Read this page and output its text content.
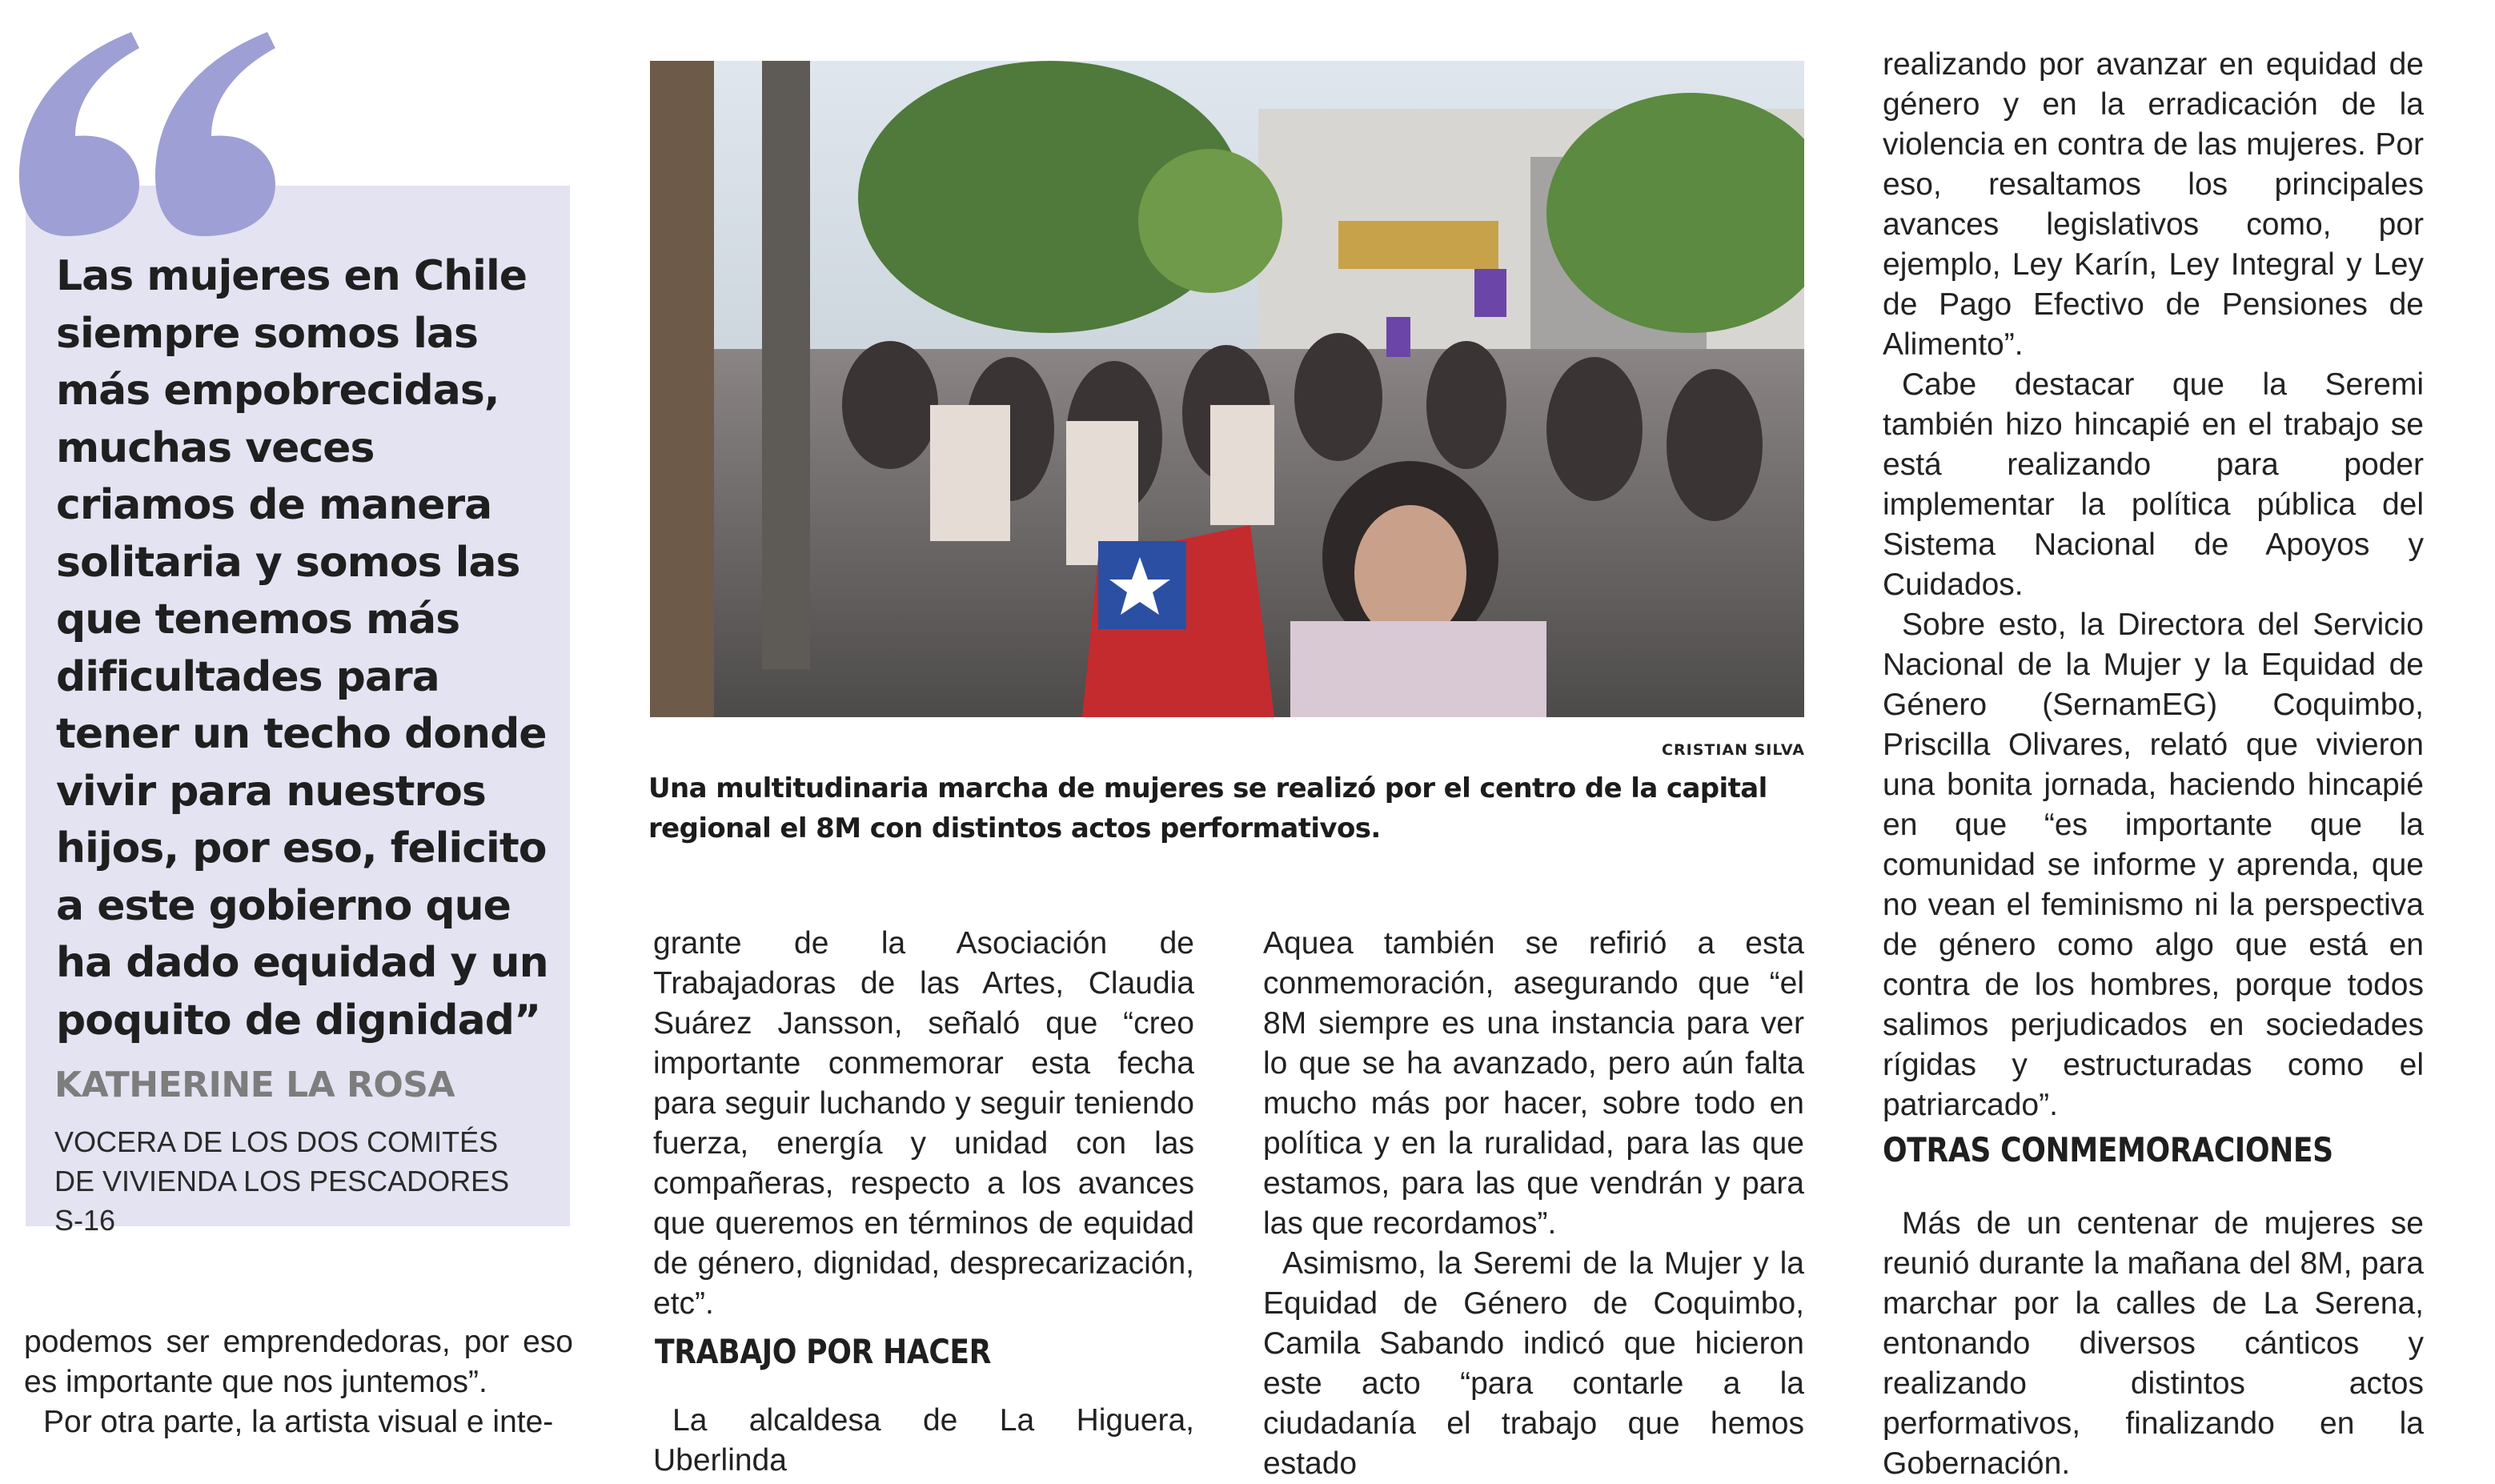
Las mujeres en Chile siempre somos las más empobrecidas, muchas veces criamos de manera solitaria y somos las que tenemos más dificultades para tener un techo donde vivir para nuestros hijos, por eso, felicito a este gobierno que ha dado equidad y un poquito de dignidad”

KATHERINE LA ROSA

VOCERA DE LOS DOS COMITÉS DE VIVIENDA LOS PESCADORES S-16

CRISTIAN SILVA

Una multitudinaria marcha de mujeres se realizó por el centro de la capital regional el 8M con distintos actos performativos.

podemos ser emprendedoras, por eso es importante que nos juntemos”.

Por otra parte, la artista visual e inte-

grante de la Asociación de Trabajadoras de las Artes, Claudia Suárez Jansson, señaló que “creo importante conmemorar esta fecha para seguir luchando y seguir teniendo fuerza, energía y unidad con las compañeras, respecto a los avances que queremos en términos de equidad de género, dignidad, desprecarización, etc”.

TRABAJO POR HACER

La alcaldesa de La Higuera, Uberlinda

Aquea también se refirió a esta conmemoración, asegurando que “el 8M siempre es una instancia para ver lo que se ha avanzado, pero aún falta mucho más por hacer, sobre todo en política y en la ruralidad, para las que estamos, para las que vendrán y para las que recordamos”.

Asimismo, la Seremi de la Mujer y la Equidad de Género de Coquimbo, Camila Sabando indicó que hicieron este acto “para contarle a la ciudadanía el trabajo que hemos estado

realizando por avanzar en equidad de género y en la erradicación de la violencia en contra de las mujeres. Por eso, resaltamos los principales avances legislativos como, por ejemplo, Ley Karín, Ley Integral y Ley de Pago Efectivo de Pensiones de Alimento”.

Cabe destacar que la Seremi también hizo hincapié en el trabajo se está realizando para poder implementar la política pública del Sistema Nacional de Apoyos y Cuidados.

Sobre esto, la Directora del Servicio Nacional de la Mujer y la Equidad de Género (SernamEG) Coquimbo, Priscilla Olivares, relató que vivieron una bonita jornada, haciendo hincapié en que “es importante que la comunidad se informe y aprenda, que no vean el feminismo ni la perspectiva de género como algo que está en contra de los hombres, porque todos salimos perjudicados en sociedades rígidas y estructuradas como el patriarcado”.

OTRAS CONMEMORACIONES

Más de un centenar de mujeres se reunió durante la mañana del 8M, para marchar por la calles de La Serena, entonando diversos cánticos y realizando distintos actos performativos, finalizando en la Gobernación.
